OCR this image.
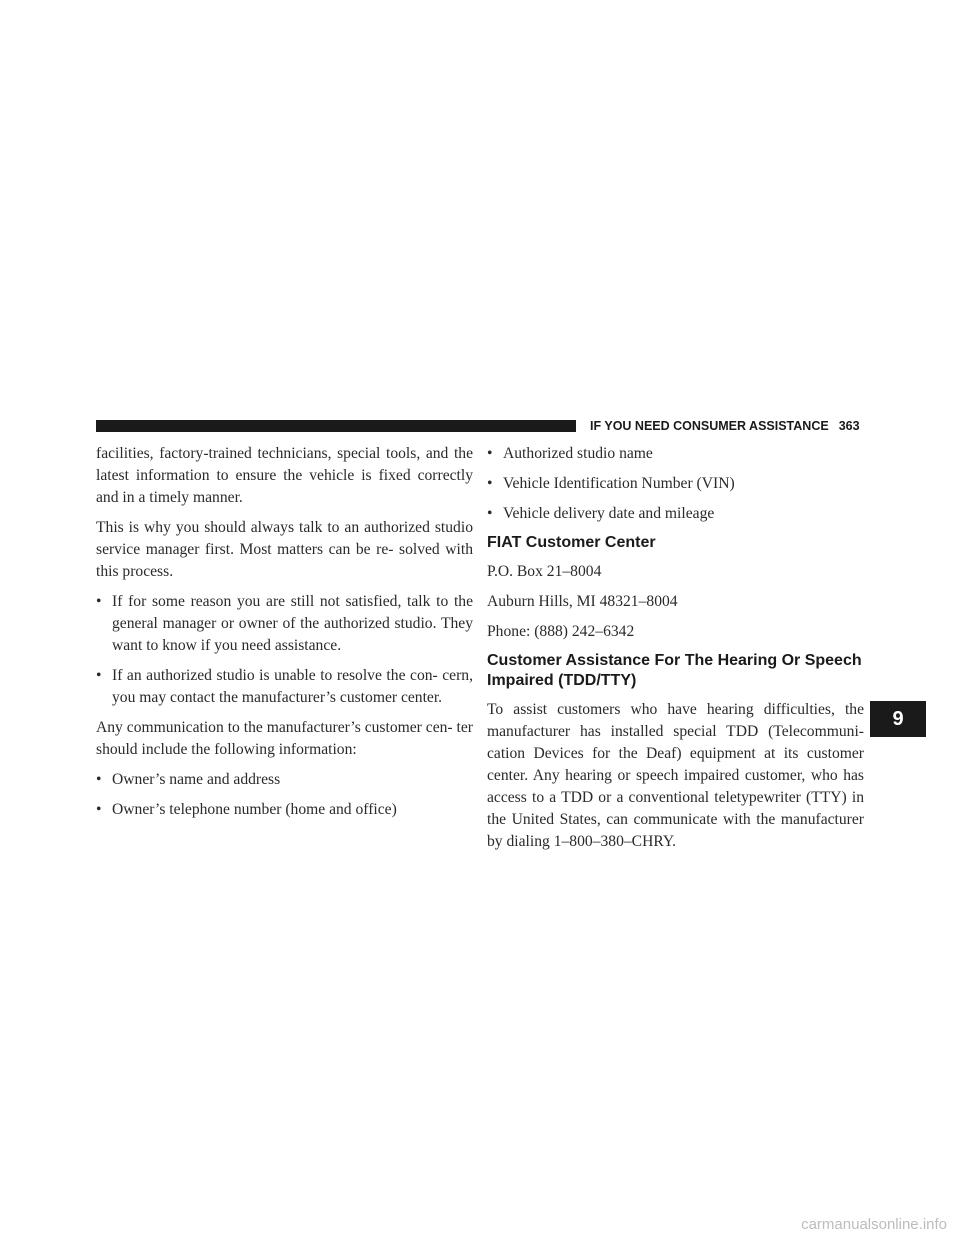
IF YOU NEED CONSUMER ASSISTANCE 363

facilities, factory-trained technicians, special tools, and the latest information to ensure the vehicle is fixed correctly and in a timely manner.

This is why you should always talk to an authorized studio service manager first. Most matters can be re- solved with this process.

• If for some reason you are still not satisfied, talk to the general manager or owner of the authorized studio. They want to know if you need assistance.
• If an authorized studio is unable to resolve the con- cern, you may contact the manufacturer’s customer center.

Any communication to the manufacturer’s customer cen- ter should include the following information:

• Owner’s name and address
• Owner’s telephone number (home and office)
• Authorized studio name
• Vehicle Identification Number (VIN)
• Vehicle delivery date and mileage
FIAT Customer Center

P.O. Box 21–8004

Auburn Hills, MI 48321–8004

Phone: (888) 242–6342

Customer Assistance For The Hearing Or Speech Impaired (TDD/TTY)

To assist customers who have hearing difficulties, the manufacturer has installed special TDD (Telecommuni- cation Devices for the Deaf) equipment at its customer center. Any hearing or speech impaired customer, who has access to a TDD or a conventional teletypewriter (TTY) in the United States, can communicate with the manufacturer by dialing 1–800–380–CHRY.

9
carmanualsonline.info
